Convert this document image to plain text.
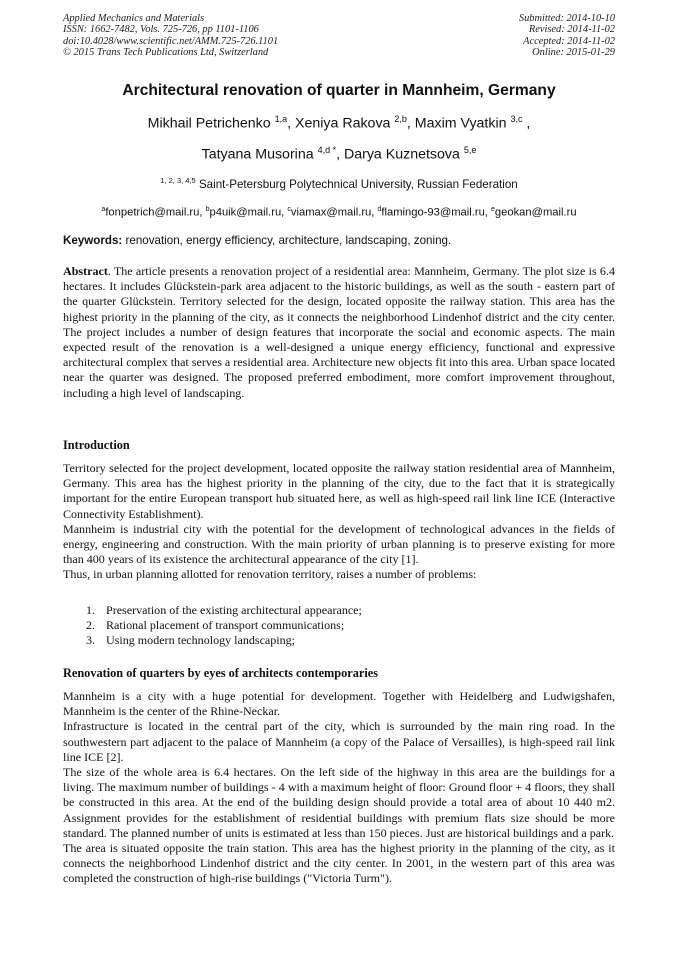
Applied Mechanics and Materials
ISSN: 1662-7482, Vols. 725-726, pp 1101-1106
doi:10.4028/www.scientific.net/AMM.725-726.1101
© 2015 Trans Tech Publications Ltd, Switzerland
Submitted: 2014-10-10
Revised: 2014-11-02
Accepted: 2014-11-02
Online: 2015-01-29
Architectural renovation of quarter in Mannheim, Germany
Mikhail Petrichenko $^{1,a}$, Xeniya Rakova $^{2,b}$, Maxim Vyatkin $^{3,c}$ ,
Tatyana Musorina $^{4,d *}$, Darya Kuznetsova $^{5,e}$
$^{1, 2, 3, 4,5}$ Saint-Petersburg Polytechnical University, Russian Federation
$^a$fonpetrich@mail.ru, $^b$p4uik@mail.ru, $^c$viamax@mail.ru, $^d$flamingo-93@mail.ru, $^e$geokan@mail.ru
Keywords: renovation, energy efficiency, architecture, landscaping, zoning.

Abstract. The article presents a renovation project of a residential area: Mannheim, Germany. The plot size is 6.4 hectares. It includes Glückstein-park area adjacent to the historic buildings, as well as the south - eastern part of the quarter Glückstein. Territory selected for the design, located opposite the railway station. This area has the highest priority in the planning of the city, as it connects the neighborhood Lindenhof district and the city center. The project includes a number of design features that incorporate the social and economic aspects. The main expected result of the renovation is a well-designed a unique energy efficiency, functional and expressive architectural complex that serves a residential area. Architecture new objects fit into this area. Urban space located near the quarter was designed. The proposed preferred embodiment, more comfort improvement throughout, including a high level of landscaping.

Introduction

Territory selected for the project development, located opposite the railway station residential area of Mannheim, Germany. This area has the highest priority in the planning of the city, due to the fact that it is strategically important for the entire European transport hub situated here, as well as high-speed rail link line ICE (Interactive Connectivity Establishment).

Mannheim is industrial city with the potential for the development of technological advances in the fields of energy, engineering and construction. With the main priority of urban planning is to preserve existing for more than 400 years of its existence the architectural appearance of the city [1].

Thus, in urban planning allotted for renovation territory, raises a number of problems:

1. Preservation of the existing architectural appearance;
2. Rational placement of transport communications;
3. Using modern technology landscaping;
Renovation of quarters by eyes of architects contemporaries

Mannheim is a city with a huge potential for development. Together with Heidelberg and Ludwigshafen, Mannheim is the center of the Rhine-Neckar.

Infrastructure is located in the central part of the city, which is surrounded by the main ring road. In the southwestern part adjacent to the palace of Mannheim (a copy of the Palace of Versailles), is high-speed rail link line ICE [2].

The size of the whole area is 6.4 hectares. On the left side of the highway in this area are the buildings for a living. The maximum number of buildings - 4 with a maximum height of floor: Ground floor + 4 floors, they shall be constructed in this area. At the end of the building design should provide a total area of about 10 440 m2. Assignment provides for the establishment of residential buildings with premium flats size should be more standard. The planned number of units is estimated at less than 150 pieces. Just are historical buildings and a park.

The area is situated opposite the train station. This area has the highest priority in the planning of the city, as it connects the neighborhood Lindenhof district and the city center. In 2001, in the western part of this area was completed the construction of high-rise buildings ("Victoria Turm").
